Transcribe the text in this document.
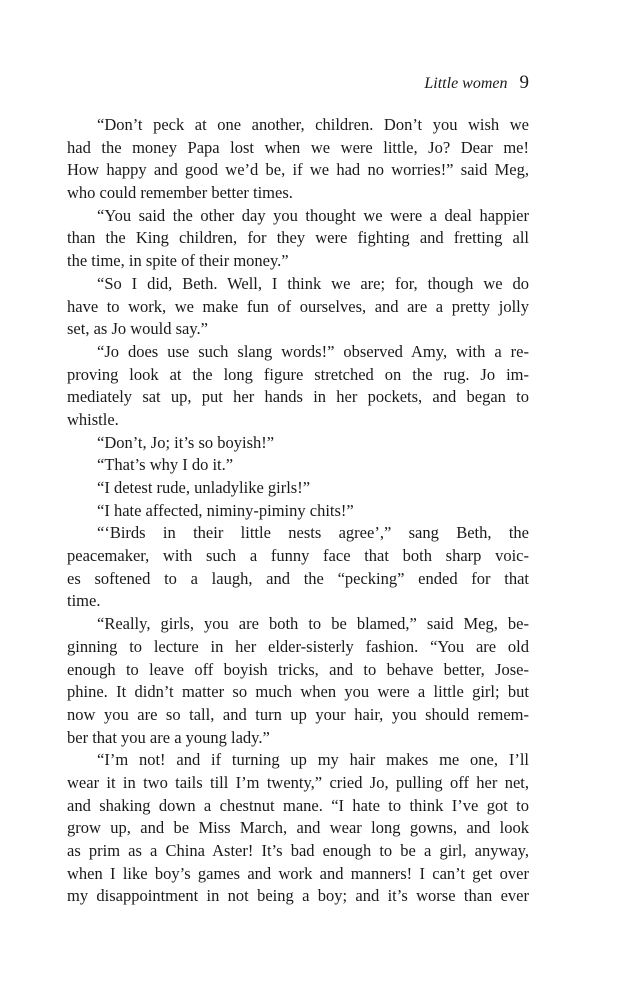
Little women 9
“Don’t peck at one another, children. Don’t you wish we
had the money Papa lost when we were little, Jo? Dear me!
How happy and good we’d be, if we had no worries!” said Meg,
who could remember better times.
“You said the other day you thought we were a deal happier
than the King children, for they were fighting and fretting all
the time, in spite of their money.”
“So I did, Beth. Well, I think we are; for, though we do
have to work, we make fun of ourselves, and are a pretty jolly
set, as Jo would say.”
“Jo does use such slang words!” observed Amy, with a re-
proving look at the long figure stretched on the rug. Jo im-
mediately sat up, put her hands in her pockets, and began to
whistle.
“Don’t, Jo; it’s so boyish!”
“That’s why I do it.”
“I detest rude, unladylike girls!”
“I hate affected, niminy-piminy chits!”
“‘Birds in their little nests agree’,” sang Beth, the
peacemaker, with such a funny face that both sharp voic-
es softened to a laugh, and the “pecking” ended for that
time.
“Really, girls, you are both to be blamed,” said Meg, be-
ginning to lecture in her elder-sisterly fashion. “You are old
enough to leave off boyish tricks, and to behave better, Jose-
phine. It didn’t matter so much when you were a little girl; but
now you are so tall, and turn up your hair, you should remem-
ber that you are a young lady.”
“I’m not! and if turning up my hair makes me one, I’ll
wear it in two tails till I’m twenty,” cried Jo, pulling off her net,
and shaking down a chestnut mane. “I hate to think I’ve got to
grow up, and be Miss March, and wear long gowns, and look
as prim as a China Aster! It’s bad enough to be a girl, anyway,
when I like boy’s games and work and manners! I can’t get over
my disappointment in not being a boy; and it’s worse than ever
